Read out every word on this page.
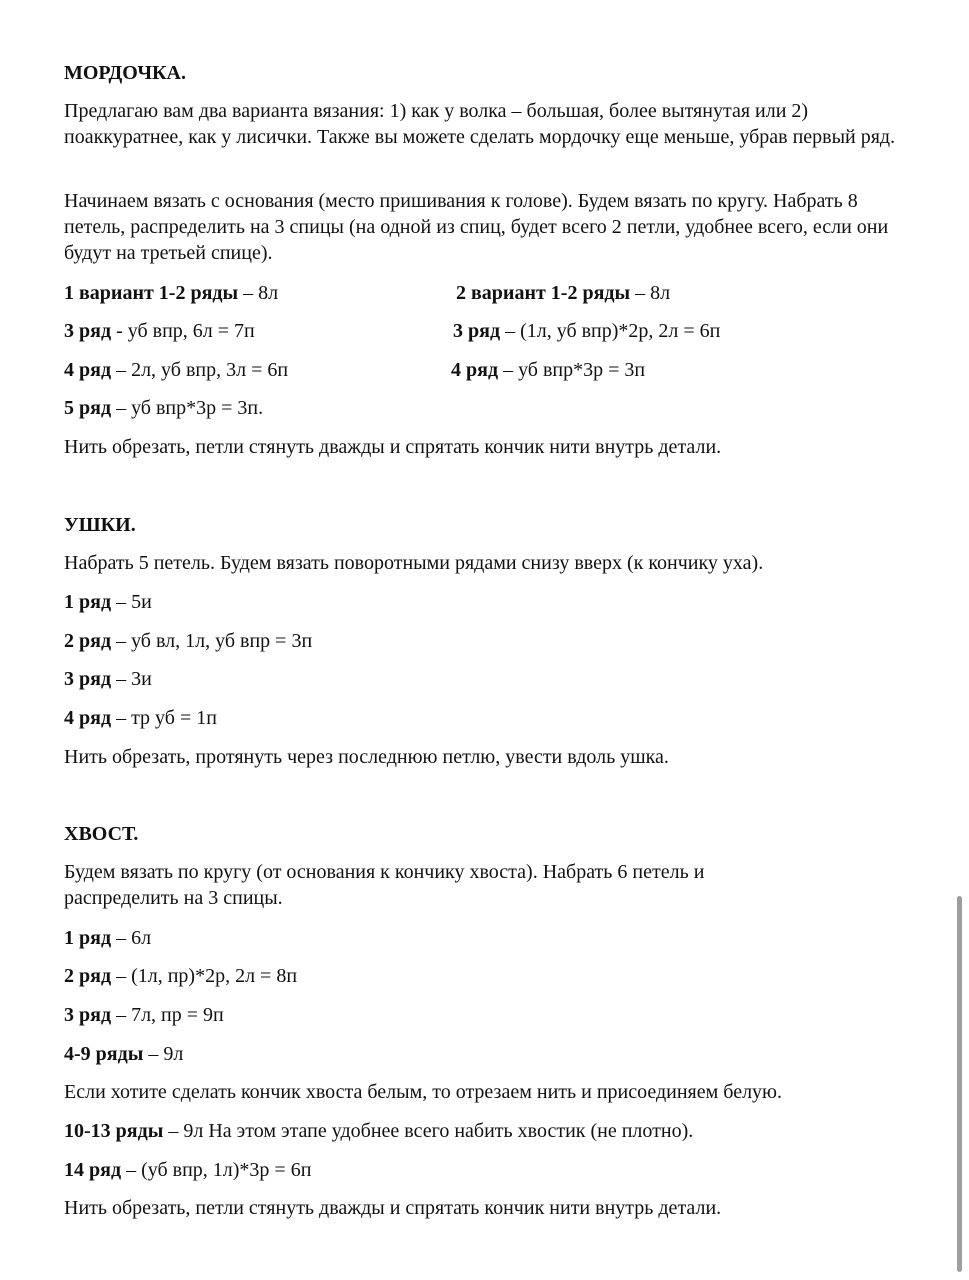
МОРДОЧКА.
Предлагаю вам два варианта вязания: 1) как у волка – большая, более вытянутая или 2) поаккуратнее, как у лисички. Также вы можете сделать мордочку еще меньше, убрав первый ряд.
Начинаем вязать с основания (место пришивания к голове). Будем вязать по кругу. Набрать 8 петель, распределить на 3 спицы (на одной из спиц, будет всего 2 петли, удобнее всего, если они будут на третьей спице).
1 вариант 1-2 ряды – 8л	2 вариант 1-2 ряды – 8л
3 ряд - уб впр, 6л = 7п	3 ряд – (1л, уб впр)*2р, 2л = 6п
4 ряд – 2л, уб впр, 3л = 6п	4 ряд – уб впр*3р = 3п
5 ряд – уб впр*3р = 3п.
Нить обрезать, петли стянуть дважды и спрятать кончик нити внутрь детали.
УШКИ.
Набрать 5 петель. Будем вязать поворотными рядами снизу вверх (к кончику уха).
1 ряд – 5и
2 ряд – уб вл, 1л, уб впр = 3п
3 ряд – 3и
4 ряд – тр уб = 1п
Нить обрезать, протянуть через последнюю петлю, увести вдоль ушка.
ХВОСТ.
Будем вязать по кругу (от основания к кончику хвоста). Набрать 6 петель и распределить на 3 спицы.
1 ряд – 6л
2 ряд – (1л, пр)*2р, 2л = 8п
3 ряд – 7л, пр = 9п
4-9 ряды – 9л
Если хотите сделать кончик хвоста белым, то отрезаем нить и присоединяем белую.
10-13 ряды – 9л На этом этапе удобнее всего набить хвостик (не плотно).
14 ряд – (уб впр, 1л)*3р = 6п
Нить обрезать, петли стянуть дважды и спрятать кончик нити внутрь детали.
